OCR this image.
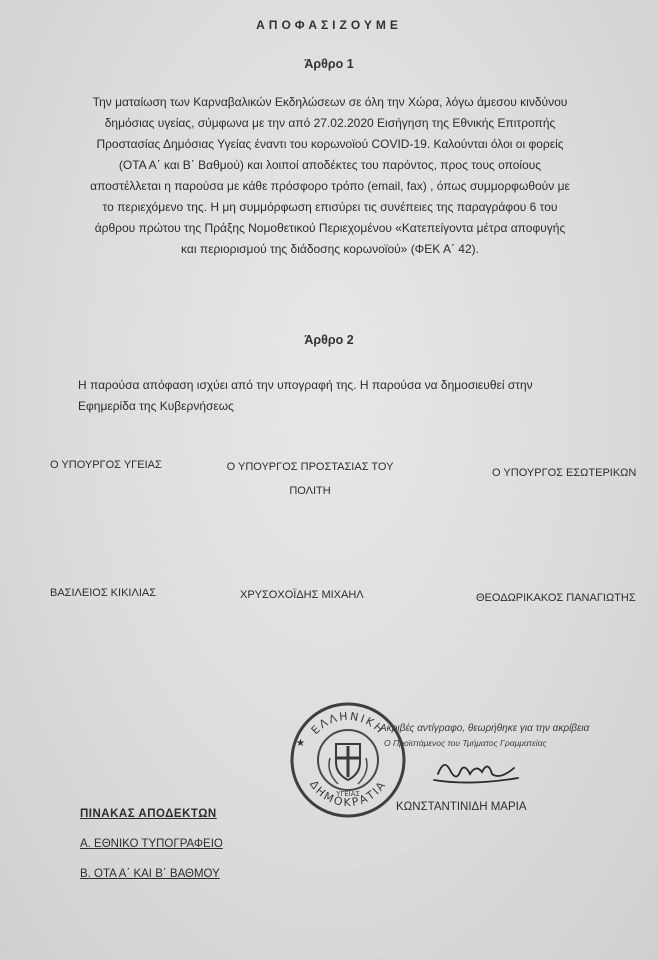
ΑΠΟΦΑΣΙΖΟΥΜΕ
Άρθρο 1

Την ματαίωση των Καρναβαλικών Εκδηλώσεων σε όλη την Χώρα, λόγω άμεσου κινδύνου

δημόσιας υγείας, σύμφωνα με την από 27.02.2020 Εισήγηση της Εθνικής Επιτροπής

Προστασίας Δημόσιας Υγείας έναντι του κορωνοϊού COVID-19. Καλούνται όλοι οι φορείς

(ΟΤΑ Α΄ και Β΄ Βαθμού) και λοιποί αποδέκτες του παρόντος, προς τους οποίους

αποστέλλεται η παρούσα με κάθε πρόσφορο τρόπο (email, fax) , όπως συμμορφωθούν με

το περιεχόμενο της. Η μη συμμόρφωση επισύρει τις συνέπειες της παραγράφου 6 του

άρθρου πρώτου της Πράξης Νομοθετικού Περιεχομένου «Κατεπείγοντα μέτρα αποφυγής

και περιορισμού της διάδοσης κορωνοϊού» (ΦΕΚ Α΄ 42).

Άρθρο 2

Η παρούσα απόφαση ισχύει από την υπογραφή της. Η παρούσα να δημοσιευθεί στην

Εφημερίδα της Κυβερνήσεως

Ο ΥΠΟΥΡΓΟΣ ΥΓΕΙΑΣ	Ο ΥΠΟΥΡΓΟΣ ΠΡΟΣΤΑΣΙΑΣ ΤΟΥ
ΠΟΛΙΤΗ
Ο ΥΠΟΥΡΓΟΣ ΕΣΩΤΕΡΙΚΩΝ
ΒΑΣΙΛΕΙΟΣ ΚΙΚΙΛΙΑΣ	ΧΡΥΣΟΧΟΪΔΗΣ ΜΙΧΑΗΛ	ΘΕΟΔΩΡΙΚΑΚΟΣ ΠΑΝΑΓΙΩΤΗΣ
ΕΛΛΗΝΙΚΗ
ΔΗΜΟΚΡΑΤΙΑ
ΥΓΕΙΑΣ
★
Ακριβές αντίγραφο, θεωρήθηκε για την ακρίβεια
Ο Προϊστάμενος του Τμήματος Γραμματείας
ΚΩΝΣΤΑΝΤΙΝΙΔΗ ΜΑΡΙΑ
ΠΙΝΑΚΑΣ ΑΠΟΔΕΚΤΩΝ
Α. ΕΘΝΙΚΟ ΤΥΠΟΓΡΑΦΕΙΟ
Β. ΟΤΑ Α΄ ΚΑΙ Β΄ ΒΑΘΜΟΥ
